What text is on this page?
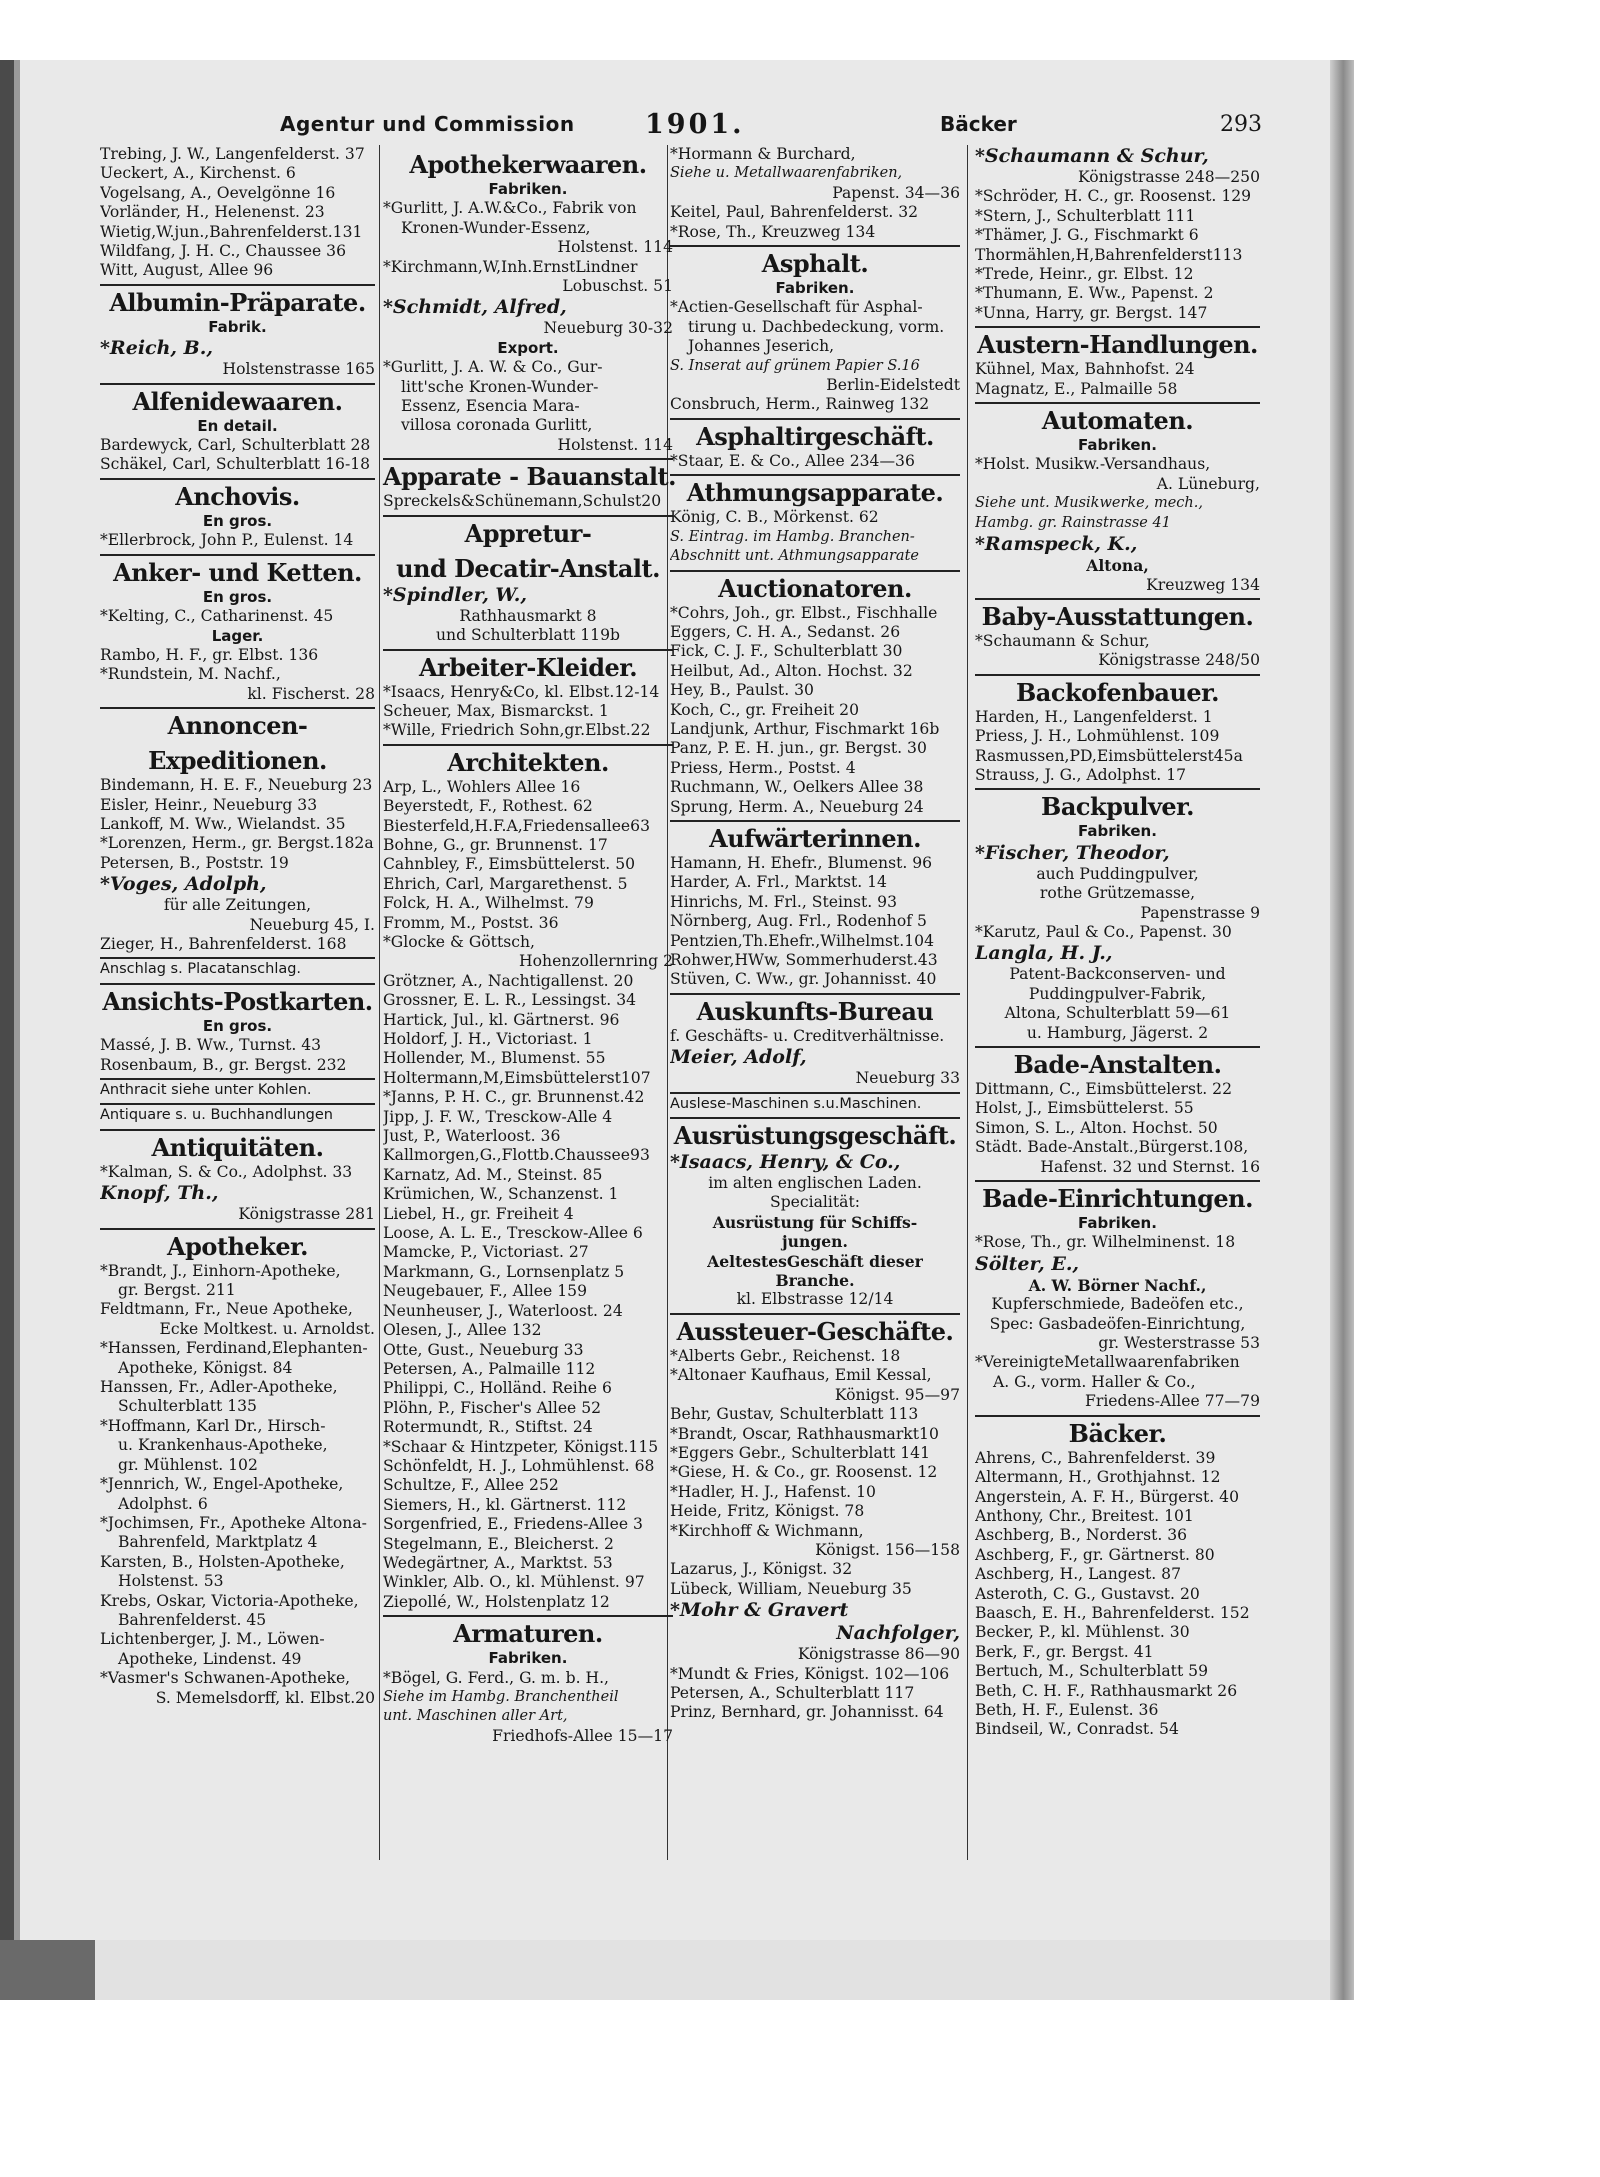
Agentur und Commission	1901.	Bäcker	293
Trebing, J. W., Langenfelderst. 37
Ueckert, A., Kirchenst. 6
Vogelsang, A., Oevelgönne 16
Vorländer, H., Helenenst. 23
Wietig,W.jun.,Bahrenfelderst.131
Wildfang, J. H. C., Chaussee 36
Witt, August, Allee 96
Albumin-Präparate.
Fabrik.
*Reich, B.,
Holstenstrasse 165
Alfenidewaaren.
En detail.
Bardewyck, Carl, Schulterblatt 28
Schäkel, Carl, Schulterblatt 16-18
Anchovis.
En gros.
*Ellerbrock, John P., Eulenst. 14
Anker- und Ketten.
En gros.
*Kelting, C., Catharinenst. 45
Lager.
Rambo, H. F., gr. Elbst. 136
*Rundstein, M. Nachf.,
kl. Fischerst. 28
Annoncen-
Expeditionen.
Bindemann, H. E. F., Neueburg 23
Eisler, Heinr., Neueburg 33
Lankoff, M. Ww., Wielandst. 35
*Lorenzen, Herm., gr. Bergst.182a
Petersen, B., Poststr. 19
*Voges, Adolph,
für alle Zeitungen,
Neueburg 45, I.
Zieger, H., Bahrenfelderst. 168
Anschlag s. Placatanschlag.
Ansichts-Postkarten.
En gros.
Massé, J. B. Ww., Turnst. 43
Rosenbaum, B., gr. Bergst. 232
Anthracit siehe unter Kohlen.
Antiquare s. u. Buchhandlungen
Antiquitäten.
*Kalman, S. & Co., Adolphst. 33
Knopf, Th.,
Königstrasse 281
Apotheker.
*Brandt, J., Einhorn-Apotheke,
gr. Bergst. 211
Feldtmann, Fr., Neue Apotheke,
Ecke Moltkest. u. Arnoldst.
*Hanssen, Ferdinand,Elephanten-
Apotheke, Königst. 84
Hanssen, Fr., Adler-Apotheke,
Schulterblatt 135
*Hoffmann, Karl Dr., Hirsch-
u. Krankenhaus-Apotheke,
gr. Mühlenst. 102
*Jennrich, W., Engel-Apotheke,
Adolphst. 6
*Jochimsen, Fr., Apotheke Altona-
Bahrenfeld, Marktplatz 4
Karsten, B., Holsten-Apotheke,
Holstenst. 53
Krebs, Oskar, Victoria-Apotheke,
Bahrenfelderst. 45
Lichtenberger, J. M., Löwen-
Apotheke, Lindenst. 49
*Vasmer's Schwanen-Apotheke,
S. Memelsdorff, kl. Elbst.20
Apothekerwaaren.
Fabriken.
*Gurlitt, J. A.W.&Co., Fabrik von
Kronen-Wunder-Essenz,
Holstenst. 114
*Kirchmann,W,Inh.ErnstLindner
Lobuschst. 51
*Schmidt, Alfred,
Neueburg 30-32
Export.
*Gurlitt, J. A. W. & Co., Gur-
litt'sche Kronen-Wunder-
Essenz, Esencia Mara-
villosa coronada Gurlitt,
Holstenst. 114
Apparate - Bauanstalt.
Spreckels&Schünemann,Schulst20
Appretur-
und Decatir-Anstalt.
*Spindler, W.,
Rathhausmarkt 8
und Schulterblatt 119b
Arbeiter-Kleider.
*Isaacs, Henry&Co, kl. Elbst.12-14
Scheuer, Max, Bismarckst. 1
*Wille, Friedrich Sohn,gr.Elbst.22
Architekten.
Arp, L., Wohlers Allee 16
Beyerstedt, F., Rothest. 62
Biesterfeld,H.F.A,Friedensallee63
Bohne, G., gr. Brunnenst. 17
Cahnbley, F., Eimsbüttelerst. 50
Ehrich, Carl, Margarethenst. 5
Folck, H. A., Wilhelmst. 79
Fromm, M., Postst. 36
*Glocke & Göttsch,
Hohenzollernring 2
Grötzner, A., Nachtigallenst. 20
Grossner, E. L. R., Lessingst. 34
Hartick, Jul., kl. Gärtnerst. 96
Holdorf, J. H., Victoriast. 1
Hollender, M., Blumenst. 55
Holtermann,M,Eimsbüttelerst107
*Janns, P. H. C., gr. Brunnenst.42
Jipp, J. F. W., Tresckow-Alle 4
Just, P., Waterloost. 36
Kallmorgen,G.,Flottb.Chaussee93
Karnatz, Ad. M., Steinst. 85
Krümichen, W., Schanzenst. 1
Liebel, H., gr. Freiheit 4
Loose, A. L. E., Tresckow-Allee 6
Mamcke, P., Victoriast. 27
Markmann, G., Lornsenplatz 5
Neugebauer, F., Allee 159
Neunheuser, J., Waterloost. 24
Olesen, J., Allee 132
Otte, Gust., Neueburg 33
Petersen, A., Palmaille 112
Philippi, C., Holländ. Reihe 6
Plöhn, P., Fischer's Allee 52
Rotermundt, R., Stiftst. 24
*Schaar & Hintzpeter, Königst.115
Schönfeldt, H. J., Lohmühlenst. 68
Schultze, F., Allee 252
Siemers, H., kl. Gärtnerst. 112
Sorgenfried, E., Friedens-Allee 3
Stegelmann, E., Bleicherst. 2
Wedegärtner, A., Marktst. 53
Winkler, Alb. O., kl. Mühlenst. 97
Ziepollé, W., Holstenplatz 12
Armaturen.
Fabriken.
*Bögel, G. Ferd., G. m. b. H.,
Siehe im Hambg. Branchentheil
unt. Maschinen aller Art,
Friedhofs-Allee 15—17
*Hormann & Burchard,
Siehe u. Metallwaarenfabriken,
Papenst. 34—36
Keitel, Paul, Bahrenfelderst. 32
*Rose, Th., Kreuzweg 134
Asphalt.
Fabriken.
*Actien-Gesellschaft für Asphal-
tirung u. Dachbedeckung, vorm.
Johannes Jeserich,
S. Inserat auf grünem Papier S.16
Berlin-Eidelstedt
Consbruch, Herm., Rainweg 132
Asphaltirgeschäft.
*Staar, E. & Co., Allee 234—36
Athmungsapparate.
König, C. B., Mörkenst. 62
S. Eintrag. im Hambg. Branchen-
Abschnitt unt. Athmungsapparate
Auctionatoren.
*Cohrs, Joh., gr. Elbst., Fischhalle
Eggers, C. H. A., Sedanst. 26
Fick, C. J. F., Schulterblatt 30
Heilbut, Ad., Alton. Hochst. 32
Hey, B., Paulst. 30
Koch, C., gr. Freiheit 20
Landjunk, Arthur, Fischmarkt 16b
Panz, P. E. H. jun., gr. Bergst. 30
Priess, Herm., Postst. 4
Ruchmann, W., Oelkers Allee 38
Sprung, Herm. A., Neueburg 24
Aufwärterinnen.
Hamann, H. Ehefr., Blumenst. 96
Harder, A. Frl., Marktst. 14
Hinrichs, M. Frl., Steinst. 93
Nörnberg, Aug. Frl., Rodenhof 5
Pentzien,Th.Ehefr.,Wilhelmst.104
Rohwer,HWw, Sommerhuderst.43
Stüven, C. Ww., gr. Johannisst. 40
Auskunfts-Bureau
f. Geschäfts- u. Creditverhältnisse.
Meier, Adolf,
Neueburg 33
Auslese-Maschinen s.u.Maschinen.
Ausrüstungsgeschäft.
*Isaacs, Henry, & Co.,
im alten englischen Laden.
Specialität:
Ausrüstung für Schiffs-
jungen.
AeltestesGeschäft dieser
Branche.
kl. Elbstrasse 12/14
Aussteuer-Geschäfte.
*Alberts Gebr., Reichenst. 18
*Altonaer Kaufhaus, Emil Kessal,
Königst. 95—97
Behr, Gustav, Schulterblatt 113
*Brandt, Oscar, Rathhausmarkt10
*Eggers Gebr., Schulterblatt 141
*Giese, H. & Co., gr. Roosenst. 12
*Hadler, H. J., Hafenst. 10
Heide, Fritz, Königst. 78
*Kirchhoff & Wichmann,
Königst. 156—158
Lazarus, J., Königst. 32
Lübeck, William, Neueburg 35
*Mohr & Gravert
Nachfolger,
Königstrasse 86—90
*Mundt & Fries, Königst. 102—106
Petersen, A., Schulterblatt 117
Prinz, Bernhard, gr. Johannisst. 64
*Schaumann & Schur,
Königstrasse 248—250
*Schröder, H. C., gr. Roosenst. 129
*Stern, J., Schulterblatt 111
*Thämer, J. G., Fischmarkt 6
Thormählen,H,Bahrenfelderst113
*Trede, Heinr., gr. Elbst. 12
*Thumann, E. Ww., Papenst. 2
*Unna, Harry, gr. Bergst. 147
Austern-Handlungen.
Kühnel, Max, Bahnhofst. 24
Magnatz, E., Palmaille 58
Automaten.
Fabriken.
*Holst. Musikw.-Versandhaus,
A. Lüneburg,
Siehe unt. Musikwerke, mech.,
Hambg. gr. Rainstrasse 41
*Ramspeck, K.,
Altona,
Kreuzweg 134
Baby-Ausstattungen.
*Schaumann & Schur,
Königstrasse 248/50
Backofenbauer.
Harden, H., Langenfelderst. 1
Priess, J. H., Lohmühlenst. 109
Rasmussen,PD,Eimsbüttelerst45a
Strauss, J. G., Adolphst. 17
Backpulver.
Fabriken.
*Fischer, Theodor,
auch Puddingpulver,
rothe Grützemasse,
Papenstrasse 9
*Karutz, Paul & Co., Papenst. 30
Langla, H. J.,
Patent-Backconserven- und
Puddingpulver-Fabrik,
Altona, Schulterblatt 59—61
u. Hamburg, Jägerst. 2
Bade-Anstalten.
Dittmann, C., Eimsbüttelerst. 22
Holst, J., Eimsbüttelerst. 55
Simon, S. L., Alton. Hochst. 50
Städt. Bade-Anstalt.,Bürgerst.108,
Hafenst. 32 und Sternst. 16
Bade-Einrichtungen.
Fabriken.
*Rose, Th., gr. Wilhelminenst. 18
Sölter, E.,
A. W. Börner Nachf.,
Kupferschmiede, Badeöfen etc.,
Spec: Gasbadeöfen-Einrichtung,
gr. Westerstrasse 53
*VereinigteMetallwaarenfabriken
A. G., vorm. Haller & Co.,
Friedens-Allee 77—79
Bäcker.
Ahrens, C., Bahrenfelderst. 39
Altermann, H., Grothjahnst. 12
Angerstein, A. F. H., Bürgerst. 40
Anthony, Chr., Breitest. 101
Aschberg, B., Norderst. 36
Aschberg, F., gr. Gärtnerst. 80
Aschberg, H., Langest. 87
Asteroth, C. G., Gustavst. 20
Baasch, E. H., Bahrenfelderst. 152
Becker, P., kl. Mühlenst. 30
Berk, F., gr. Bergst. 41
Bertuch, M., Schulterblatt 59
Beth, C. H. F., Rathhausmarkt 26
Beth, H. F., Eulenst. 36
Bindseil, W., Conradst. 54
